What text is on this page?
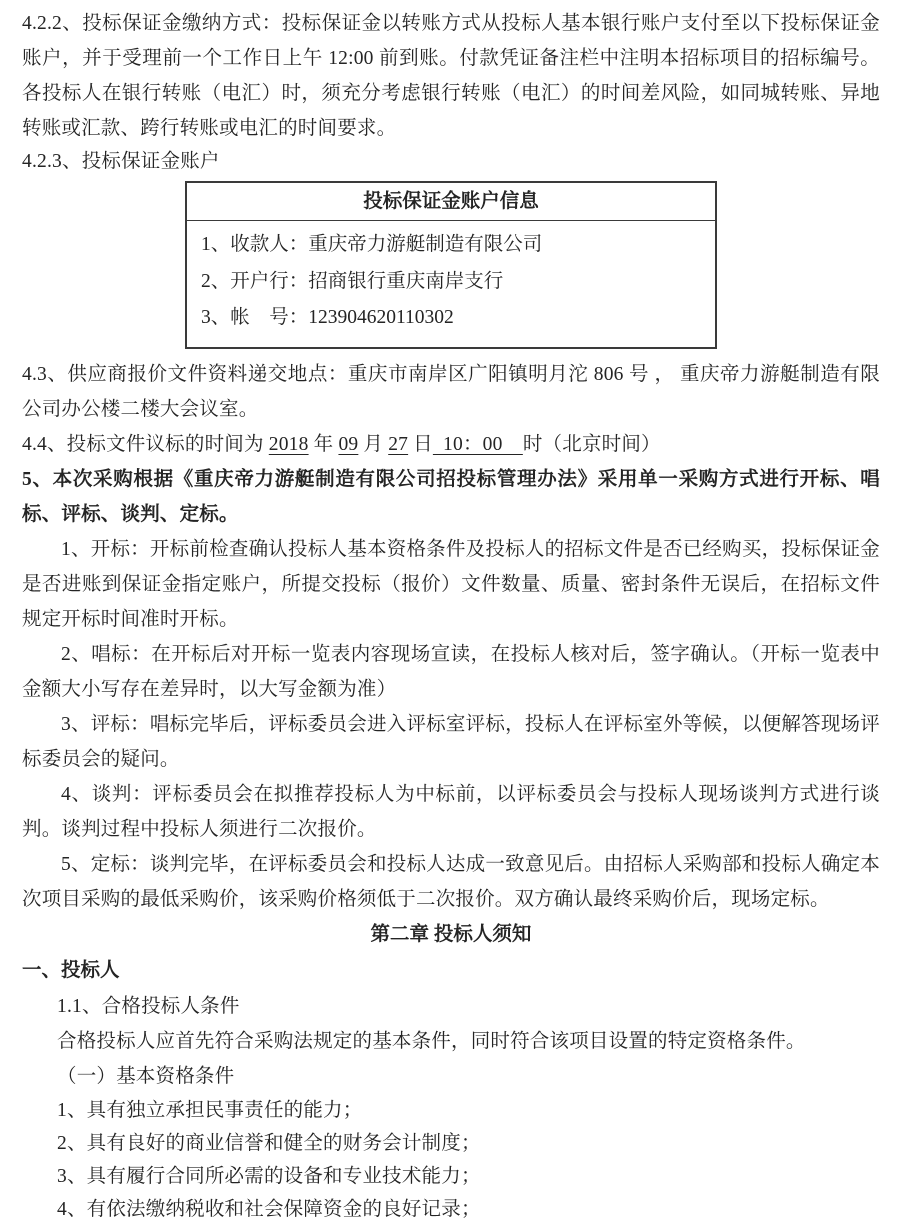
4.2.2、投标保证金缴纳方式：投标保证金以转账方式从投标人基本银行账户支付至以下投标保证金账户，并于受理前一个工作日上午 12:00 前到账。付款凭证备注栏中注明本招标项目的招标编号。各投标人在银行转账（电汇）时，须充分考虑银行转账（电汇）的时间差风险，如同城转账、异地转账或汇款、跨行转账或电汇的时间要求。

4.2.3、投标保证金账户

投标保证金账户信息
1、收款人：重庆帝力游艇制造有限公司
2、开户行：招商银行重庆南岸支行
3、帐　号：123904620110302

4.3、供应商报价文件资料递交地点：重庆市南岸区广阳镇明月沱 806 号 ， 重庆帝力游艇制造有限公司办公楼二楼大会议室。

4.4、投标文件议标的时间为 2018 年 09 月 27 日  10：00    时（北京时间）

5、本次采购根据《重庆帝力游艇制造有限公司招投标管理办法》采用单一采购方式进行开标、唱标、评标、谈判、定标。

1、开标：开标前检查确认投标人基本资格条件及投标人的招标文件是否已经购买，投标保证金是否进账到保证金指定账户，所提交投标（报价）文件数量、质量、密封条件无误后，在招标文件规定开标时间准时开标。

2、唱标：在开标后对开标一览表内容现场宣读，在投标人核对后，签字确认。（开标一览表中金额大小写存在差异时，以大写金额为准）

3、评标：唱标完毕后，评标委员会进入评标室评标，投标人在评标室外等候，以便解答现场评标委员会的疑问。

4、谈判：评标委员会在拟推荐投标人为中标前，以评标委员会与投标人现场谈判方式进行谈判。谈判过程中投标人须进行二次报价。

5、定标：谈判完毕，在评标委员会和投标人达成一致意见后。由招标人采购部和投标人确定本次项目采购的最低采购价，该采购价格须低于二次报价。双方确认最终采购价后，现场定标。

第二章 投标人须知

一、投标人

1.1、合格投标人条件

合格投标人应首先符合采购法规定的基本条件，同时符合该项目设置的特定资格条件。

（一）基本资格条件

1、具有独立承担民事责任的能力；

2、具有良好的商业信誉和健全的财务会计制度；

3、具有履行合同所必需的设备和专业技术能力；

4、有依法缴纳税收和社会保障资金的良好记录；
